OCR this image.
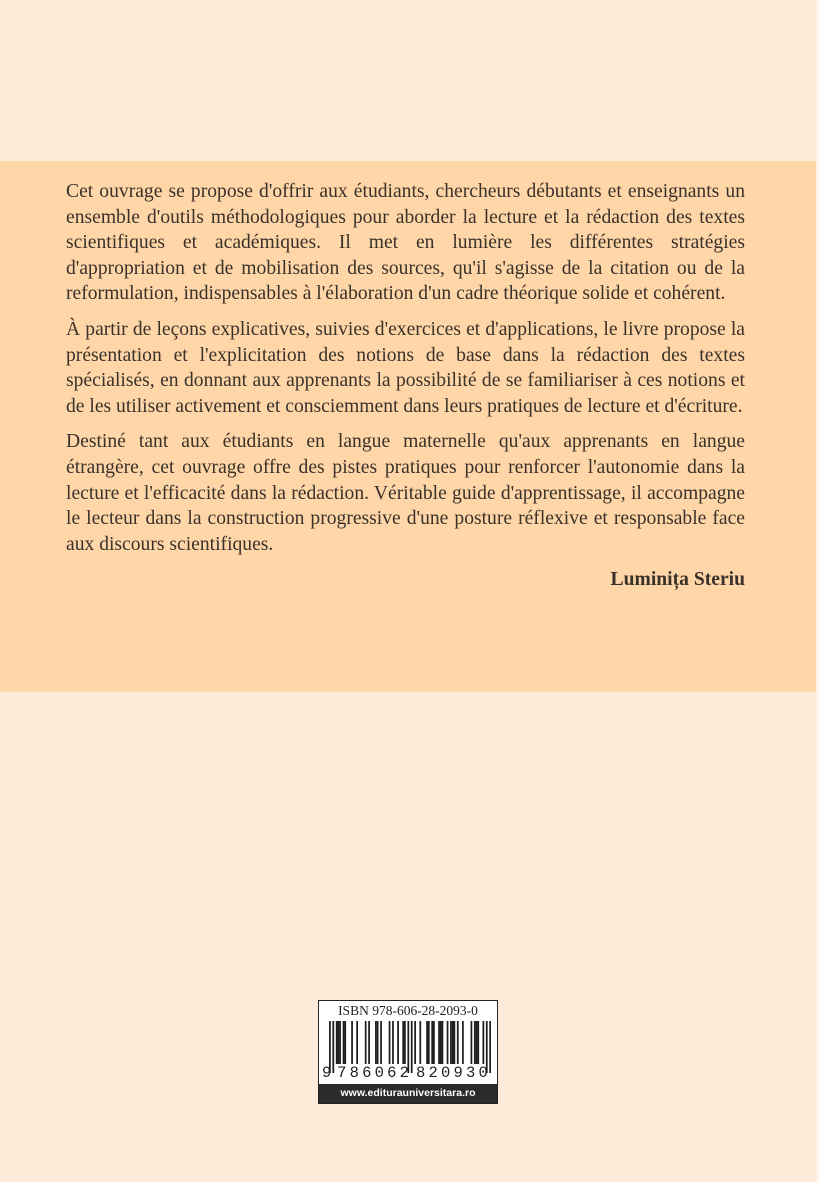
Cet ouvrage se propose d'offrir aux étudiants, chercheurs débutants et enseignants un ensemble d'outils méthodologiques pour aborder la lecture et la rédaction des textes scientifiques et académiques. Il met en lumière les différentes stratégies d'appropriation et de mobilisation des sources, qu'il s'agisse de la citation ou de la reformulation, indispensables à l'élaboration d'un cadre théorique solide et cohérent.

À partir de leçons explicatives, suivies d'exercices et d'applications, le livre propose la présentation et l'explicitation des notions de base dans la rédaction des textes spécialisés, en donnant aux apprenants la possibilité de se familiariser à ces notions et de les utiliser activement et consciemment dans leurs pratiques de lecture et d'écriture.

Destiné tant aux étudiants en langue maternelle qu'aux apprenants en langue étrangère, cet ouvrage offre des pistes pratiques pour renforcer l'autonomie dans la lecture et l'efficacité dans la rédaction. Véritable guide d'apprentissage, il accompagne le lecteur dans la construction progressive d'une posture réflexive et responsable face aux discours scientifiques.

Luminița Steriu
ISBN 978-606-28-2093-0
9 786062 820930
www.editurauniversitara.ro
